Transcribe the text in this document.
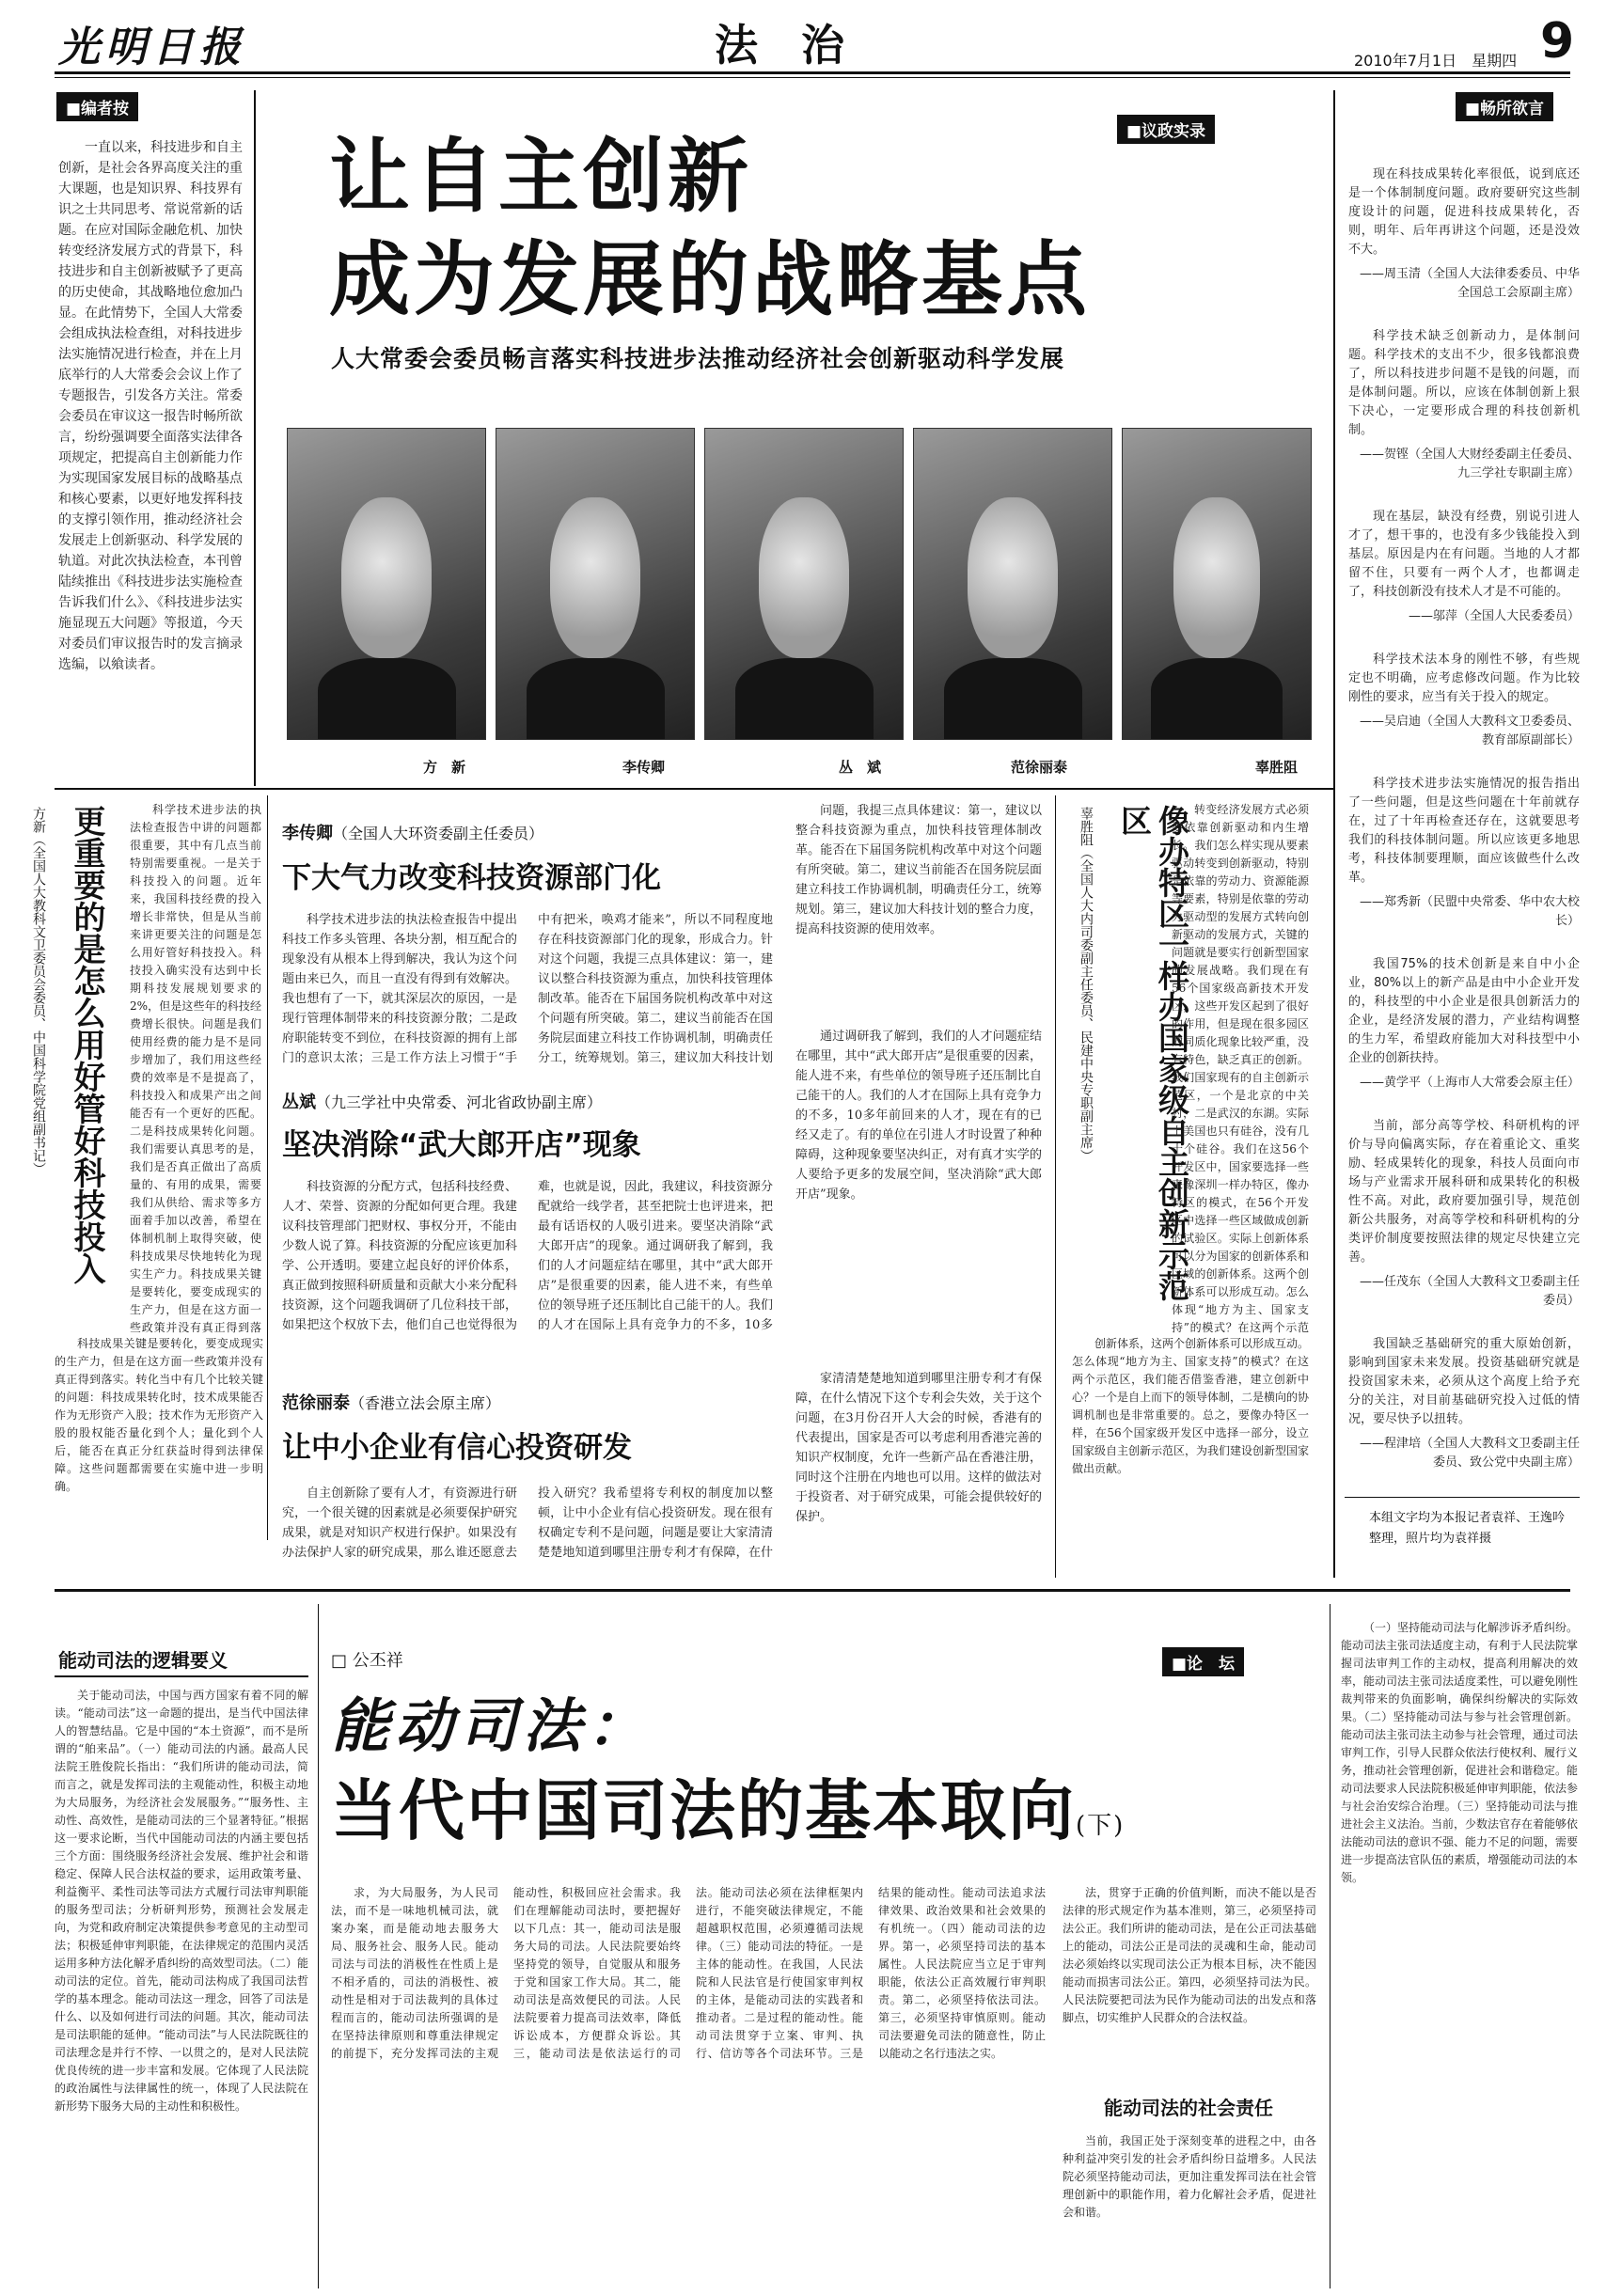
光明日报	法　治	2010年7月1日　星期四 9
■编者按

一直以来，科技进步和自主创新，是社会各界高度关注的重大课题，也是知识界、科技界有识之士共同思考、常说常新的话题。在应对国际金融危机、加快转变经济发展方式的背景下，科技进步和自主创新被赋予了更高的历史使命，其战略地位愈加凸显。在此情势下，全国人大常委会组成执法检查组，对科技进步法实施情况进行检查，并在上月底举行的人大常委会会议上作了专题报告，引发各方关注。常委会委员在审议这一报告时畅所欲言，纷纷强调要全面落实法律各项规定，把提高自主创新能力作为实现国家发展目标的战略基点和核心要素，以更好地发挥科技的支撑引领作用，推动经济社会发展走上创新驱动、科学发展的轨道。对此次执法检查，本刊曾陆续推出《科技进步法实施检查告诉我们什么》、《科技进步法实施显现五大问题》等报道，今天对委员们审议报告时的发言摘录选编，以飨读者。

■议政实录
让自主创新
成为发展的战略基点
人大常委会委员畅言落实科技进步法推动经济社会创新驱动科学发展
方　新	李传卿	丛　斌	范徐丽泰	辜胜阻
更重要的是怎么用好管好科技投入
方新（全国人大教科文卫委员会委员、中国科学院党组副书记）	科学技术进步法的执法检查报告中讲的问题都很重要，其中有几点当前特别需要重视。一是关于科技投入的问题。近年来，我国科技经费的投入增长非常快，但是从当前来讲更要关注的问题是怎么用好管好科技投入。科技投入确实没有达到中长期科技发展规划要求的2%，但是这些年的科技经费增长很快。问题是我们使用经费的能力是不是同步增加了，我们用这些经费的效率是不是提高了，科技投入和成果产出之间能否有一个更好的匹配。二是科技成果转化问题。我们需要认真思考的是，我们是否真正做出了高质量的、有用的成果，需要我们从供给、需求等多方面着手加以改善，希望在体制机制上取得突破，使科技成果尽快地转化为现实生产力。科技成果关键是要转化，要变成现实的生产力，但是在这方面一些政策并没有真正得到落

科技成果关键是要转化，要变成现实的生产力，但是在这方面一些政策并没有真正得到落实。转化当中有几个比较关键的问题：科技成果转化时，技术成果能否作为无形资产入股；技术作为无形资产入股的股权能否量化到个人；量化到个人后，能否在真正分红获益时得到法律保障。这些问题都需要在实施中进一步明确。

李传卿（全国人大环资委副主任委员）
下大气力改变科技资源部门化

科学技术进步法的执法检查报告中提出科技工作多头管理、各块分割，相互配合的现象没有从根本上得到解决，我认为这个问题由来已久，而且一直没有得到有效解决。我也想有了一下，就其深层次的原因，一是现行管理体制带来的科技资源分散；二是政府职能转变不到位，在科技资源的拥有上部门的意识太浓；三是工作方法上习惯于“手中有把米，唤鸡才能来”，所以不同程度地存在科技资源部门化的现象，形成合力。针对这个问题，我提三点具体建议：第一，建议以整合科技资源为重点，加快科技管理体制改革。能否在下届国务院机构改革中对这个问题有所突破。第二，建议当前能否在国务院层面建立科技工作协调机制，明确责任分工，统筹规划。第三，建议加大科技计划

问题，我提三点具体建议：第一，建议以整合科技资源为重点，加快科技管理体制改革。能否在下届国务院机构改革中对这个问题有所突破。第二，建议当前能否在国务院层面建立科技工作协调机制，明确责任分工，统筹规划。第三，建议加大科技计划的整合力度，提高科技资源的使用效率。

丛斌（九三学社中央常委、河北省政协副主席）
坚决消除“武大郎开店”现象

科技资源的分配方式，包括科技经费、人才、荣誉、资源的分配如何更合理。我建议科技管理部门把财权、事权分开，不能由少数人说了算。科技资源的分配应该更加科学、公开透明。要建立起良好的评价体系，真正做到按照科研质量和贡献大小来分配科技资源，这个问题我调研了几位科技干部，如果把这个权放下去，他们自己也觉得很为难，也就是说，因此，我建议，科技资源分配就给一线学者，甚至把院士也评进来，把最有话语权的人吸引进来。要坚决消除“武大郎开店”的现象。通过调研我了解到，我们的人才问题症结在哪里，其中“武大郎开店”是很重要的因素，能人进不来，有些单位的领导班子还压制比自己能干的人。我们的人才在国际上具有竞争力的不多，10多

通过调研我了解到，我们的人才问题症结在哪里，其中“武大郎开店”是很重要的因素，能人进不来，有些单位的领导班子还压制比自己能干的人。我们的人才在国际上具有竞争力的不多，10多年前回来的人才，现在有的已经又走了。有的单位在引进人才时设置了种种障碍，这种现象要坚决纠正，对有真才实学的人要给予更多的发展空间，坚决消除“武大郎开店”现象。

范徐丽泰（香港立法会原主席）
让中小企业有信心投资研发

自主创新除了要有人才，有资源进行研究，一个很关键的因素就是必须要保护研究成果，就是对知识产权进行保护。如果没有办法保护人家的研究成果，那么谁还愿意去投入研究？我希望将专利权的制度加以整顿，让中小企业有信心投资研发。现在很有权确定专利不是问题，问题是要让大家清清楚楚地知道到哪里注册专利才有保障，在什

家清清楚楚地知道到哪里注册专利才有保障，在什么情况下这个专利会失效，关于这个问题，在3月份召开人大会的时候，香港有的代表提出，国家是否可以考虑利用香港完善的知识产权制度，允许一些新产品在香港注册，同时这个注册在内地也可以用。这样的做法对于投资者、对于研究成果，可能会提供较好的保护。

辜胜阻（全国人大内司委副主任委员、民建中央专职副主席）	像办特区一样办国家级自主创新示范区	转变经济发展方式必须要依靠创新驱动和内生增长。我们怎么样实现从要素驱动转变到创新驱动，特别是依靠的劳动力、资源能源等要素，特别是依靠的劳动力驱动型的发展方式转向创新驱动的发展方式，关键的问题就是要实行创新型国家的发展战略。我们现在有56个国家级高新技术开发区，这些开发区起到了很好的作用，但是现在很多园区的同质化现象比较严重，没有特色，缺乏真正的创新。我们国家现有的自主创新示范区，一个是北京的中关村，二是武汉的东湖。实际上美国也只有硅谷，没有几十个硅谷。我们在这56个开发区中，国家要选择一些来像深圳一样办特区，像办特区的模式，在56个开发区中选择一些区域做成创新的试验区。实际上创新体系可以分为国家的创新体系和区域的创新体系。这两个创新体系可以形成互动。怎么体现“地方为主、国家支持”的模式？在这两个示范

创新体系，这两个创新体系可以形成互动。怎么体现“地方为主、国家支持”的模式？在这两个示范区，我们能否借鉴香港，建立创新中心？一个是自上而下的领导体制，二是横向的协调机制也是非常重要的。总之，要像办特区一样，在56个国家级开发区中选择一部分，设立国家级自主创新示范区，为我们建设创新型国家做出贡献。

■畅所欲言

现在科技成果转化率很低，说到底还是一个体制制度问题。政府要研究这些制度设计的问题，促进科技成果转化，否则，明年、后年再讲这个问题，还是没效不大。

——周玉清（全国人大法律委委员、中华全国总工会原副主席）

科学技术缺乏创新动力，是体制问题。科学技术的支出不少，很多钱都浪费了，所以科技进步问题不是钱的问题，而是体制问题。所以，应该在体制创新上狠下决心，一定要形成合理的科技创新机制。

——贺铿（全国人大财经委副主任委员、九三学社专职副主席）

现在基层，缺没有经费，别说引进人才了，想干事的，也没有多少钱能投入到基层。原因是内在有问题。当地的人才都留不住，只要有一两个人才，也都调走了，科技创新没有技术人才是不可能的。

——邬萍（全国人大民委委员）

科学技术法本身的刚性不够，有些规定也不明确，应考虑修改问题。作为比较刚性的要求，应当有关于投入的规定。

——吴启迪（全国人大教科文卫委委员、教育部原副部长）

科学技术进步法实施情况的报告指出了一些问题，但是这些问题在十年前就存在，过了十年再检查还存在，这就要思考我们的科技体制问题。所以应该更多地思考，科技体制要理顺，面应该做些什么改革。

——郑秀新（民盟中央常委、华中农大校长）

我国75%的技术创新是来自中小企业，80%以上的新产品是由中小企业开发的，科技型的中小企业是很具创新活力的企业，是经济发展的潜力，产业结构调整的生力军，希望政府能加大对科技型中小企业的创新扶持。

——黄学平（上海市人大常委会原主任）

当前，部分高等学校、科研机构的评价与导向偏离实际，存在着重论文、重奖励、轻成果转化的现象，科技人员面向市场与产业需求开展科研和成果转化的积极性不高。对此，政府要加强引导，规范创新公共服务，对高等学校和科研机构的分类评价制度要按照法律的规定尽快建立完善。

——任茂东（全国人大教科文卫委副主任委员）

我国缺乏基础研究的重大原始创新，影响到国家未来发展。投资基础研究就是投资国家未来，必须从这个高度上给予充分的关注，对目前基础研究投入过低的情况，要尽快予以扭转。

——程津培（全国人大教科文卫委副主任委员、致公党中央副主席）

本组文字均为本报记者袁祥、王逸吟整理，照片均为袁祥摄
能动司法的逻辑要义

关于能动司法，中国与西方国家有着不同的解读。“能动司法”这一命题的提出，是当代中国法律人的智慧结晶。它是中国的“本土资源”，而不是所谓的“舶来品”。（一）能动司法的内涵。最高人民法院王胜俊院长指出：“我们所讲的能动司法，简而言之，就是发挥司法的主观能动性，积极主动地为大局服务，为经济社会发展服务。”“服务性、主动性、高效性，是能动司法的三个显著特征。”根据这一要求论断，当代中国能动司法的内涵主要包括三个方面：围绕服务经济社会发展、维护社会和谐稳定、保障人民合法权益的要求，运用政策考量、利益衡平、柔性司法等司法方式履行司法审判职能的服务型司法；分析研判形势，预测社会发展走向，为党和政府制定决策提供参考意见的主动型司法；积极延伸审判职能，在法律规定的范围内灵活运用多种方法化解矛盾纠纷的高效型司法。（二）能动司法的定位。首先，能动司法构成了我国司法哲学的基本理念。能动司法这一理念，回答了司法是什么、以及如何进行司法的问题。其次，能动司法是司法职能的延伸。“能动司法”与人民法院既往的司法理念是并行不悖、一以贯之的，是对人民法院优良传统的进一步丰富和发展。它体现了人民法院的政治属性与法律属性的统一，体现了人民法院在新形势下服务大局的主动性和积极性。

□ 公丕祥	■论　坛
能动司法：
当代中国司法的基本取向(下)

求，为大局服务，为人民司法，而不是一味地机械司法，就案办案，而是能动地去服务大局、服务社会、服务人民。能动司法与司法的消极性在性质上是不相矛盾的，司法的消极性、被动性是相对于司法裁判的具体过程而言的，能动司法所强调的是在坚持法律原则和尊重法律规定的前提下，充分发挥司法的主观能动性，积极回应社会需求。我们在理解能动司法时，要把握好以下几点：其一，能动司法是服务大局的司法。人民法院要始终坚持党的领导，自觉服从和服务于党和国家工作大局。其二，能动司法是高效便民的司法。人民法院要着力提高司法效率，降低诉讼成本，方便群众诉讼。其三，能动司法是依法运行的司法。能动司法必须在法律框架内进行，不能突破法律规定，不能超越职权范围，必须遵循司法规律。（三）能动司法的特征。一是主体的能动性。在我国，人民法院和人民法官是行使国家审判权的主体，是能动司法的实践者和推动者。二是过程的能动性。能动司法贯穿于立案、审判、执行、信访等各个司法环节。三是结果的能动性。能动司法追求法律效果、政治效果和社会效果的有机统一。（四）能动司法的边界。第一，必须坚持司法的基本属性。人民法院应当立足于审判职能，依法公正高效履行审判职责。第二，必须坚持依法司法。第三，必须坚持审慎原则。能动司法要避免司法的随意性，防止以能动之名行违法之实。

法，贯穿于正确的价值判断，而决不能以是否法律的形式规定作为基本准则，第三，必须坚持司法公正。我们所讲的能动司法，是在公正司法基础上的能动，司法公正是司法的灵魂和生命，能动司法必须始终以实现司法公正为根本目标，决不能因能动而损害司法公正。第四，必须坚持司法为民。人民法院要把司法为民作为能动司法的出发点和落脚点，切实维护人民群众的合法权益。

能动司法的社会责任

当前，我国正处于深刻变革的进程之中，由各种利益冲突引发的社会矛盾纠纷日益增多。人民法院必须坚持能动司法，更加注重发挥司法在社会管理创新中的职能作用，着力化解社会矛盾，促进社会和谐。

（一）坚持能动司法与化解涉诉矛盾纠纷。能动司法主张司法适度主动，有利于人民法院掌握司法审判工作的主动权，提高利用解决的效率，能动司法主张司法适度柔性，可以避免刚性裁判带来的负面影响，确保纠纷解决的实际效果。（二）坚持能动司法与参与社会管理创新。能动司法主张司法主动参与社会管理，通过司法审判工作，引导人民群众依法行使权利、履行义务，推动社会管理创新，促进社会和谐稳定。能动司法要求人民法院积极延伸审判职能，依法参与社会治安综合治理。（三）坚持能动司法与推进社会主义法治。当前，少数法官存在着能够依法能动司法的意识不强、能力不足的问题，需要进一步提高法官队伍的素质，增强能动司法的本领。
